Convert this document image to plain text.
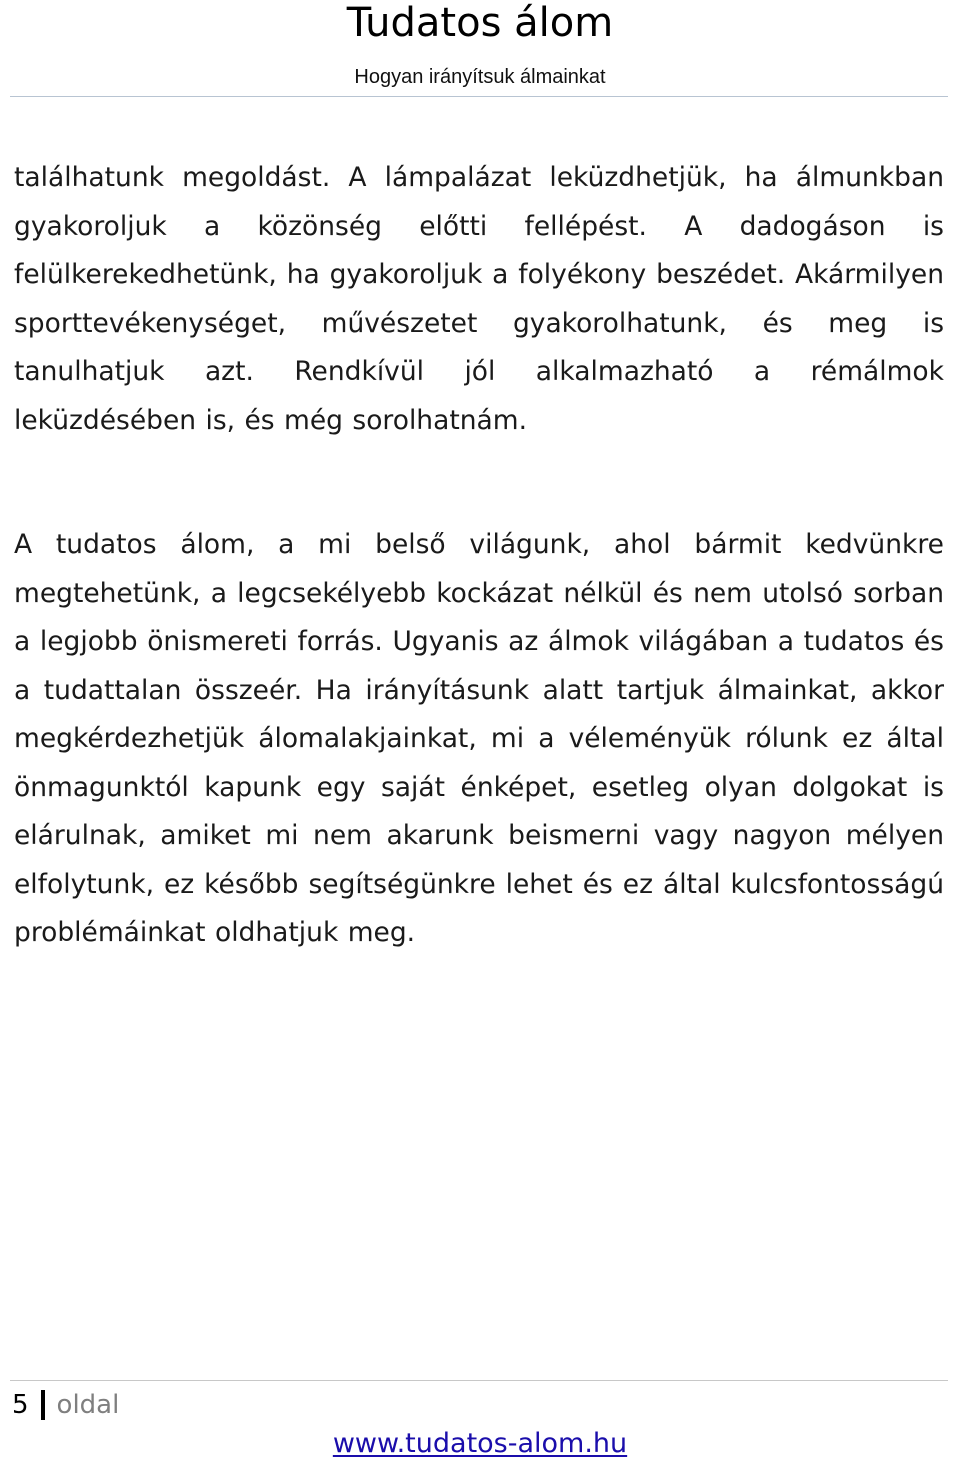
Tudatos álom
Hogyan irányítsuk álmainkat

találhatunk megoldást. A lámpalázat leküzdhetjük, ha álmunkban gyakoroljuk a közönség előtti fellépést. A dadogáson is felülkerekedhetünk, ha gyakoroljuk a folyékony beszédet. Akármilyen sporttevékenységet, művészetet gyakorolhatunk, és meg is tanulhatjuk azt. Rendkívül jól alkalmazható a rémálmok leküzdésében is, és még sorolhatnám.

A tudatos álom, a mi belső világunk, ahol bármit kedvünkre megtehetünk, a legcsekélyebb kockázat nélkül és nem utolsó sorban a legjobb önismereti forrás. Ugyanis az álmok világában a tudatos és a tudattalan összeér. Ha irányításunk alatt tartjuk álmainkat, akkor megkérdezhetjük álomalakjainkat, mi a véleményük rólunk ez által önmagunktól kapunk egy saját énképet, esetleg olyan dolgokat is elárulnak, amiket mi nem akarunk beismerni vagy nagyon mélyen elfolytunk, ez később segítségünkre lehet és ez által kulcsfontosságú problémáinkat oldhatjuk meg.

5 oldal
www.tudatos-alom.hu
